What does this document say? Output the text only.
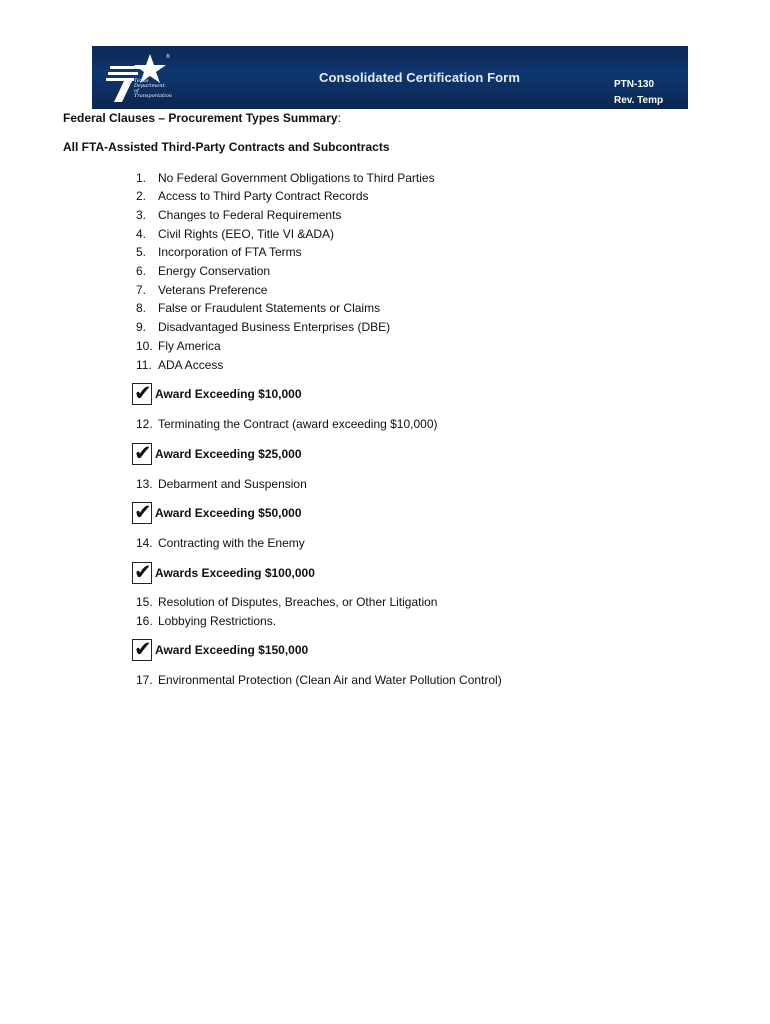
Texas
Department
of Transportation
®
Consolidated Certification Form	PTN-130
Rev. Temp
Federal Clauses – Procurement Types Summary:
All FTA-Assisted Third-Party Contracts and Subcontracts
1. No Federal Government Obligations to Third Parties
2. Access to Third Party Contract Records
3. Changes to Federal Requirements
4. Civil Rights (EEO, Title VI &ADA)
5. Incorporation of FTA Terms
6. Energy Conservation
7. Veterans Preference
8. False or Fraudulent Statements or Claims
9. Disadvantaged Business Enterprises (DBE)
10. Fly America
11. ADA Access
✔ Award Exceeding $10,000
12. Terminating the Contract (award exceeding $10,000)
✔ Award Exceeding $25,000
13. Debarment and Suspension
✔ Award Exceeding $50,000
14. Contracting with the Enemy
✔ Awards Exceeding $100,000
15. Resolution of Disputes, Breaches, or Other Litigation
16. Lobbying Restrictions.
✔ Award Exceeding $150,000
17. Environmental Protection (Clean Air and Water Pollution Control)
